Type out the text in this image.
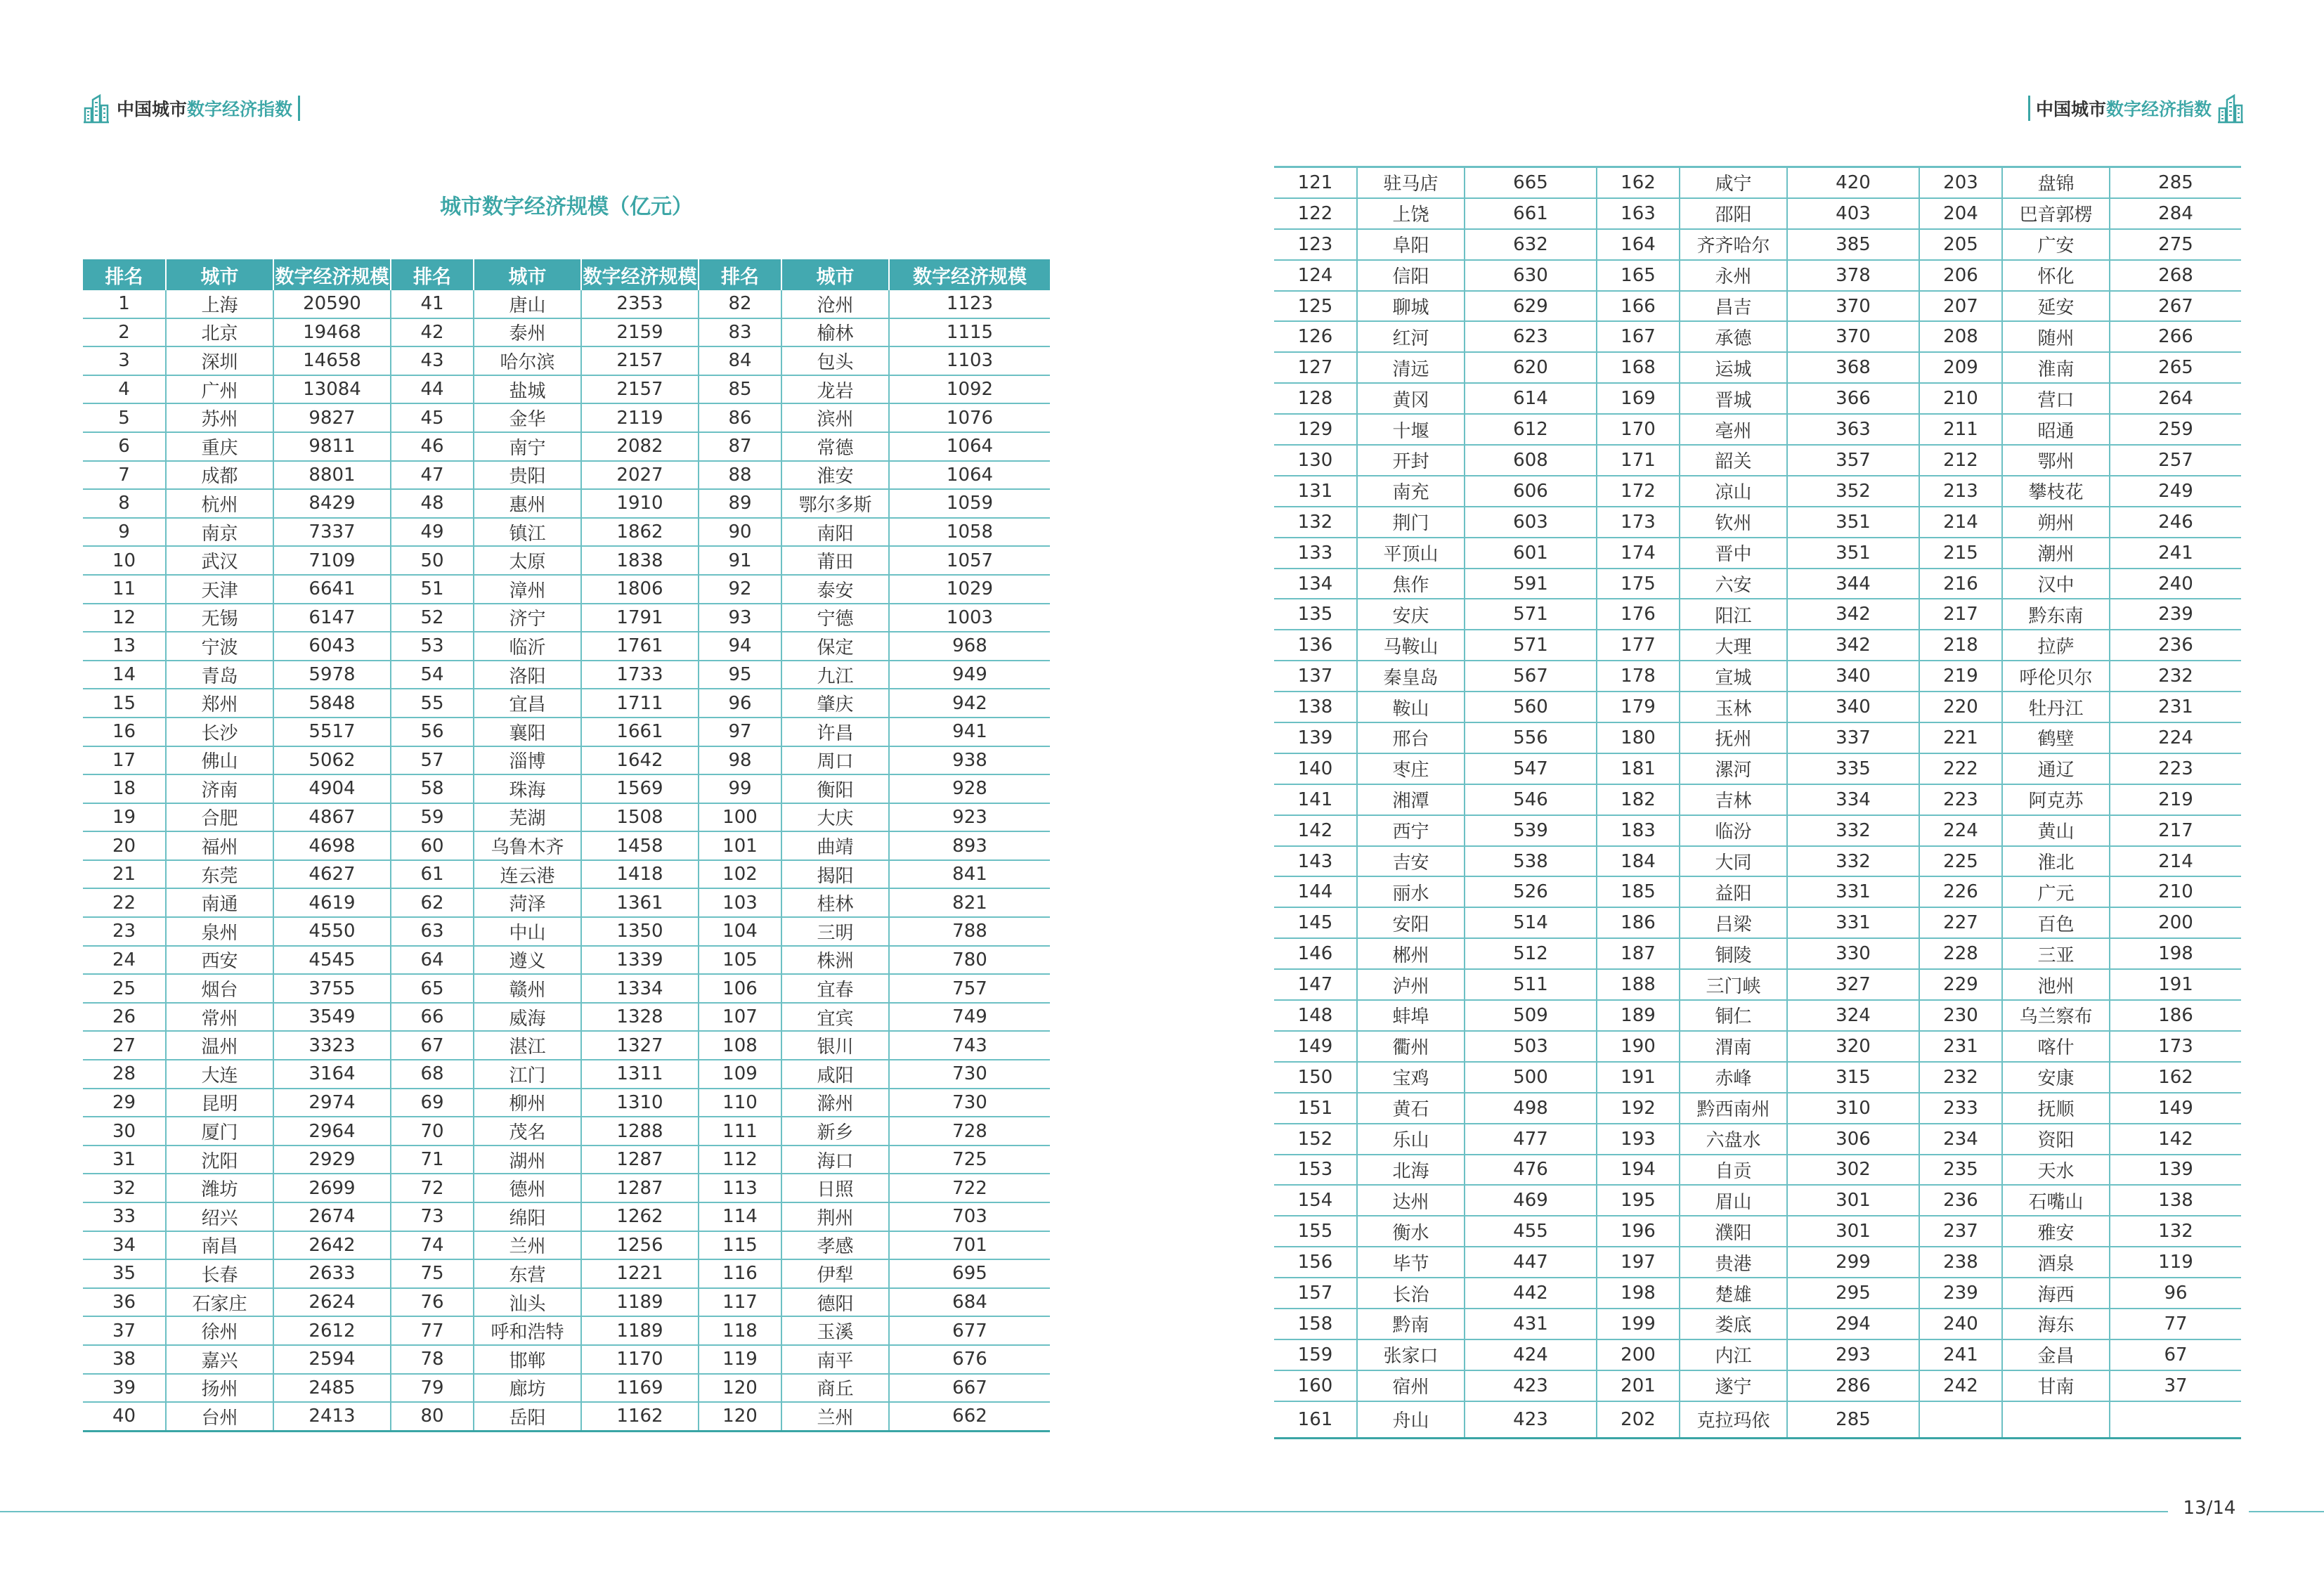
中国城市 数字经济指数	中国城市 数字经济指数
城市数字经济规模（亿元）
排名	城市	数字经济规模	排名	城市	数字经济规模	排名	城市	数字经济规模
1	上海	20590	41	唐山	2353	82	沧州	1123
2	北京	19468	42	泰州	2159	83	榆林	1115
3	深圳	14658	43	哈尔滨	2157	84	包头	1103
4	广州	13084	44	盐城	2157	85	龙岩	1092
5	苏州	9827	45	金华	2119	86	滨州	1076
6	重庆	9811	46	南宁	2082	87	常德	1064
7	成都	8801	47	贵阳	2027	88	淮安	1064
8	杭州	8429	48	惠州	1910	89	鄂尔多斯	1059
9	南京	7337	49	镇江	1862	90	南阳	1058
10	武汉	7109	50	太原	1838	91	莆田	1057
11	天津	6641	51	漳州	1806	92	泰安	1029
12	无锡	6147	52	济宁	1791	93	宁德	1003
13	宁波	6043	53	临沂	1761	94	保定	968
14	青岛	5978	54	洛阳	1733	95	九江	949
15	郑州	5848	55	宜昌	1711	96	肇庆	942
16	长沙	5517	56	襄阳	1661	97	许昌	941
17	佛山	5062	57	淄博	1642	98	周口	938
18	济南	4904	58	珠海	1569	99	衡阳	928
19	合肥	4867	59	芜湖	1508	100	大庆	923
20	福州	4698	60	乌鲁木齐	1458	101	曲靖	893
21	东莞	4627	61	连云港	1418	102	揭阳	841
22	南通	4619	62	菏泽	1361	103	桂林	821
23	泉州	4550	63	中山	1350	104	三明	788
24	西安	4545	64	遵义	1339	105	株洲	780
25	烟台	3755	65	赣州	1334	106	宜春	757
26	常州	3549	66	威海	1328	107	宜宾	749
27	温州	3323	67	湛江	1327	108	银川	743
28	大连	3164	68	江门	1311	109	咸阳	730
29	昆明	2974	69	柳州	1310	110	滁州	730
30	厦门	2964	70	茂名	1288	111	新乡	728
31	沈阳	2929	71	湖州	1287	112	海口	725
32	潍坊	2699	72	德州	1287	113	日照	722
33	绍兴	2674	73	绵阳	1262	114	荆州	703
34	南昌	2642	74	兰州	1256	115	孝感	701
35	长春	2633	75	东营	1221	116	伊犁	695
36	石家庄	2624	76	汕头	1189	117	德阳	684
37	徐州	2612	77	呼和浩特	1189	118	玉溪	677
38	嘉兴	2594	78	邯郸	1170	119	南平	676
39	扬州	2485	79	廊坊	1169	120	商丘	667
40	台州	2413	80	岳阳	1162	120	兰州	662
121	驻马店	665	162	咸宁	420	203	盘锦	285
122	上饶	661	163	邵阳	403	204	巴音郭楞	284
123	阜阳	632	164	齐齐哈尔	385	205	广安	275
124	信阳	630	165	永州	378	206	怀化	268
125	聊城	629	166	昌吉	370	207	延安	267
126	红河	623	167	承德	370	208	随州	266
127	清远	620	168	运城	368	209	淮南	265
128	黄冈	614	169	晋城	366	210	营口	264
129	十堰	612	170	亳州	363	211	昭通	259
130	开封	608	171	韶关	357	212	鄂州	257
131	南充	606	172	凉山	352	213	攀枝花	249
132	荆门	603	173	钦州	351	214	朔州	246
133	平顶山	601	174	晋中	351	215	潮州	241
134	焦作	591	175	六安	344	216	汉中	240
135	安庆	571	176	阳江	342	217	黔东南	239
136	马鞍山	571	177	大理	342	218	拉萨	236
137	秦皇岛	567	178	宣城	340	219	呼伦贝尔	232
138	鞍山	560	179	玉林	340	220	牡丹江	231
139	邢台	556	180	抚州	337	221	鹤壁	224
140	枣庄	547	181	漯河	335	222	通辽	223
141	湘潭	546	182	吉林	334	223	阿克苏	219
142	西宁	539	183	临汾	332	224	黄山	217
143	吉安	538	184	大同	332	225	淮北	214
144	丽水	526	185	益阳	331	226	广元	210
145	安阳	514	186	吕梁	331	227	百色	200
146	郴州	512	187	铜陵	330	228	三亚	198
147	泸州	511	188	三门峡	327	229	池州	191
148	蚌埠	509	189	铜仁	324	230	乌兰察布	186
149	衢州	503	190	渭南	320	231	喀什	173
150	宝鸡	500	191	赤峰	315	232	安康	162
151	黄石	498	192	黔西南州	310	233	抚顺	149
152	乐山	477	193	六盘水	306	234	资阳	142
153	北海	476	194	自贡	302	235	天水	139
154	达州	469	195	眉山	301	236	石嘴山	138
155	衡水	455	196	濮阳	301	237	雅安	132
156	毕节	447	197	贵港	299	238	酒泉	119
157	长治	442	198	楚雄	295	239	海西	96
158	黔南	431	199	娄底	294	240	海东	77
159	张家口	424	200	内江	293	241	金昌	67
160	宿州	423	201	遂宁	286	242	甘南	37
161	舟山	423	202	克拉玛依	285			
13/14
